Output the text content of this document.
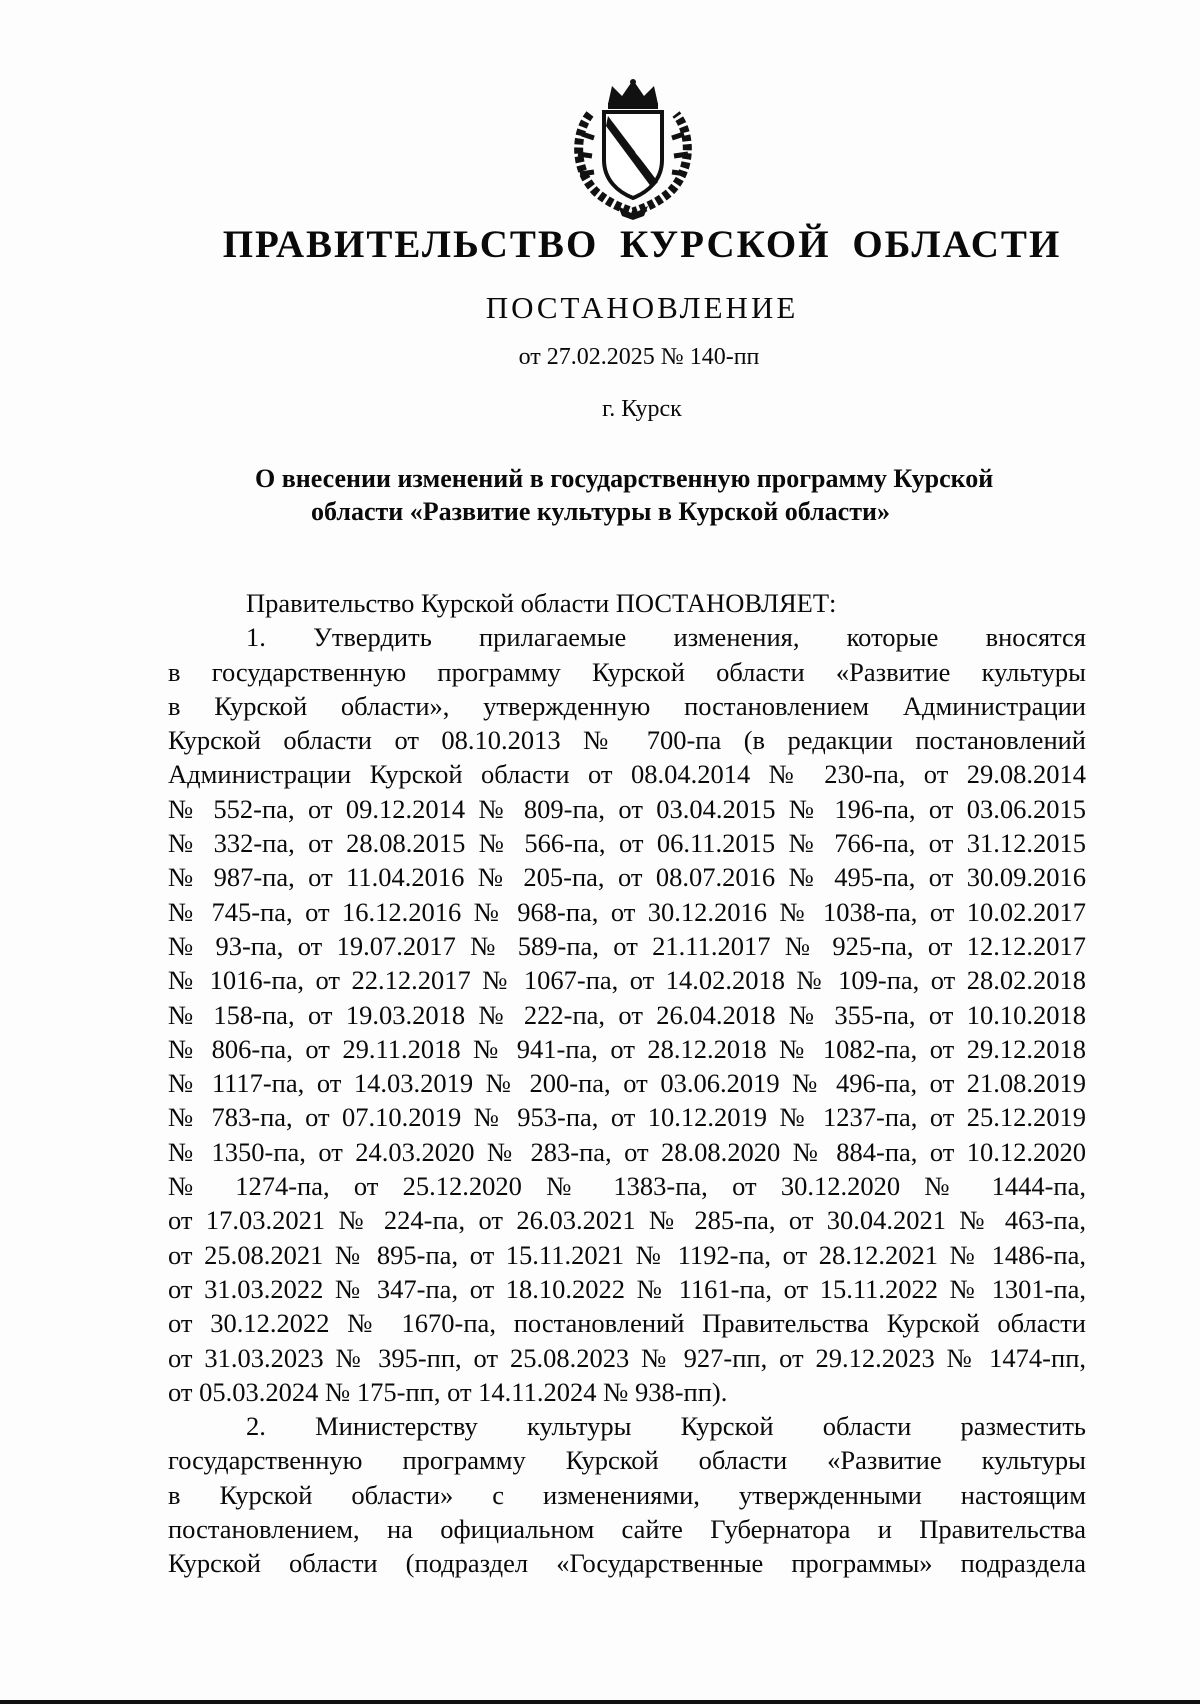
ПРАВИТЕЛЬСТВО КУРСКОЙ ОБЛАСТИ
ПОСТАНОВЛЕНИЕ
от 27.02.2025 № 140-пп
г. Курск
О внесении изменений в государственную программу Курской
области «Развитие культуры в Курской области»
Правительство Курской области ПОСТАНОВЛЯЕТ:
1. Утвердить прилагаемые изменения, которые вносятся
в государственную программу Курской области «Развитие культуры
в Курской области», утвержденную постановлением Администрации
Курской области от 08.10.2013 № 700-па (в редакции постановлений
Администрации Курской области от 08.04.2014 № 230-па, от 29.08.2014
№ 552-па, от 09.12.2014 № 809-па, от 03.04.2015 № 196-па, от 03.06.2015
№ 332-па, от 28.08.2015 № 566-па, от 06.11.2015 № 766-па, от 31.12.2015
№ 987-па, от 11.04.2016 № 205-па, от 08.07.2016 № 495-па, от 30.09.2016
№ 745-па, от 16.12.2016 № 968-па, от 30.12.2016 № 1038-па, от 10.02.2017
№ 93-па, от 19.07.2017 № 589-па, от 21.11.2017 № 925-па, от 12.12.2017
№ 1016-па, от 22.12.2017 № 1067-па, от 14.02.2018 № 109-па, от 28.02.2018
№ 158-па, от 19.03.2018 № 222-па, от 26.04.2018 № 355-па, от 10.10.2018
№ 806-па, от 29.11.2018 № 941-па, от 28.12.2018 № 1082-па, от 29.12.2018
№ 1117-па, от 14.03.2019 № 200-па, от 03.06.2019 № 496-па, от 21.08.2019
№ 783-па, от 07.10.2019 № 953-па, от 10.12.2019 № 1237-па, от 25.12.2019
№ 1350-па, от 24.03.2020 № 283-па, от 28.08.2020 № 884-па, от 10.12.2020
№ 1274-па, от 25.12.2020 № 1383-па, от 30.12.2020 № 1444-па,
от 17.03.2021 № 224-па, от 26.03.2021 № 285-па, от 30.04.2021 № 463-па,
от 25.08.2021 № 895-па, от 15.11.2021 № 1192-па, от 28.12.2021 № 1486-па,
от 31.03.2022 № 347-па, от 18.10.2022 № 1161-па, от 15.11.2022 № 1301-па,
от 30.12.2022 № 1670-па, постановлений Правительства Курской области
от 31.03.2023 № 395-пп, от 25.08.2023 № 927-пп, от 29.12.2023 № 1474-пп,
от 05.03.2024 № 175-пп, от 14.11.2024 № 938-пп).
2. Министерству культуры Курской области разместить
государственную программу Курской области «Развитие культуры
в Курской области» с изменениями, утвержденными настоящим
постановлением, на официальном сайте Губернатора и Правительства
Курской области (подраздел «Государственные программы» подраздела
